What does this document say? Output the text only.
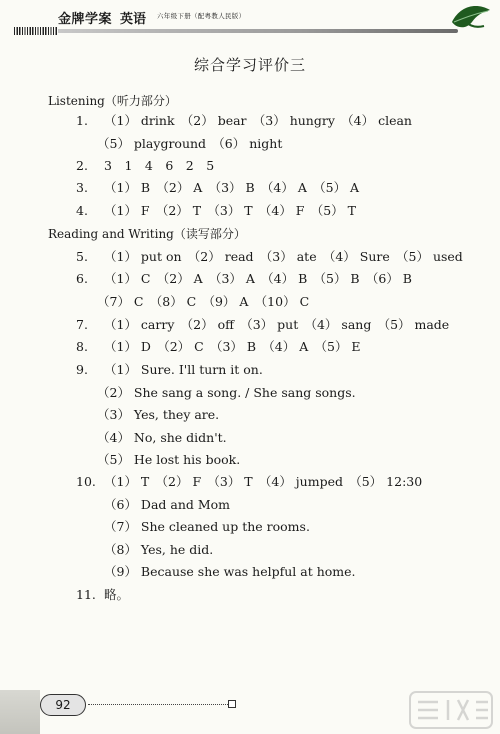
金牌学案 英语 六年级下册（配粤教人民版）
综合学习评价三
Listening（听力部分）
1. （1） drink　（2） bear　（3） hungry　（4） clean
（5） playground　（6） night
2. 3　1　4　6　2　5
3. （1） B　（2） A　（3） B　（4） A　（5） A
4. （1） F　（2） T　（3） T　（4） F　（5） T
Reading and Writing（读写部分）
5. （1） put on　（2） read　（3） ate　（4） Sure　（5） used
6. （1） C　（2） A　（3） A　（4） B　（5） B　（6） B
（7） C　（8） C　（9） A　（10） C
7. （1） carry　（2） off　（3） put　（4） sang　（5） made
8. （1） D　（2） C　（3） B　（4） A　（5） E
9. （1） Sure. I'll turn it on.
（2） She sang a song. / She sang songs.
（3） Yes, they are.
（4） No, she didn't.
（5） He lost his book.
10. （1） T　（2） F　（3） T　（4） jumped　（5） 12:30
（6） Dad and Mom
（7） She cleaned up the rooms.
（8） Yes, he did.
（9） Because she was helpful at home.
11. 略。
92
